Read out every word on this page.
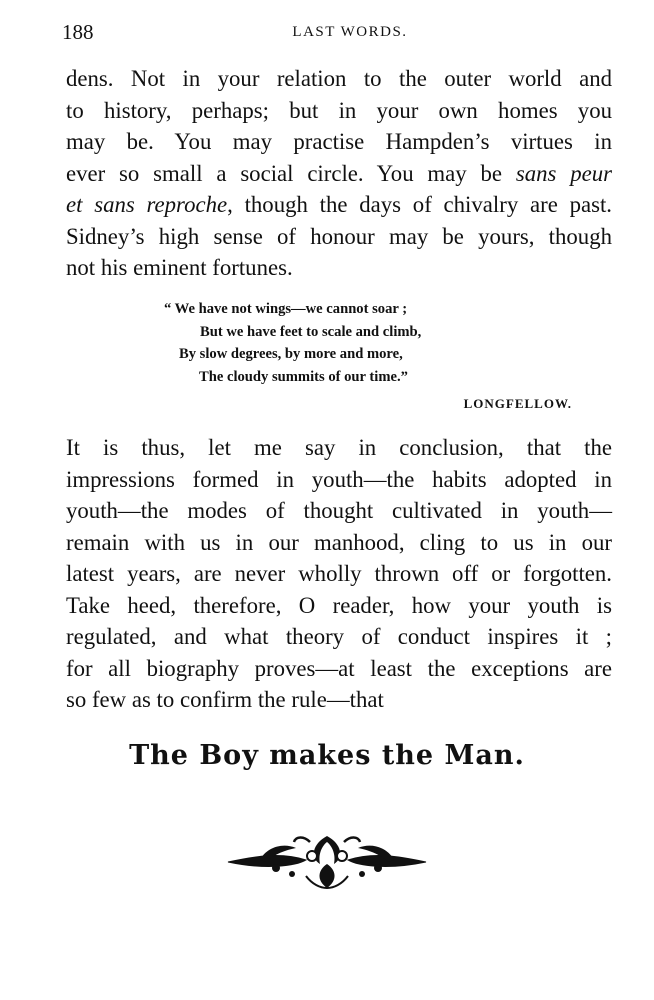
188	LAST WORDS.

dens. Not in your relation to the outer world and
to history, perhaps; but in your own homes you
may be. You may practise Hampden’s virtues in
ever so small a social circle. You may be sans peur
et sans reproche, though the days of chivalry are past.
Sidney’s high sense of honour may be yours, though
not his eminent fortunes.

“ We have not wings—we cannot soar ;
But we have feet to scale and climb,
By slow degrees, by more and more,
The cloudy summits of our time.”
LONGFELLOW.

It is thus, let me say in conclusion, that the
impressions formed in youth—the habits adopted in
youth—the modes of thought cultivated in youth—
remain with us in our manhood, cling to us in our
latest years, are never wholly thrown off or forgotten.
Take heed, therefore, O reader, how your youth is
regulated, and what theory of conduct inspires it ;
for all biography proves—at least the exceptions are
so few as to confirm the rule—that

The Boy makes the Man.
